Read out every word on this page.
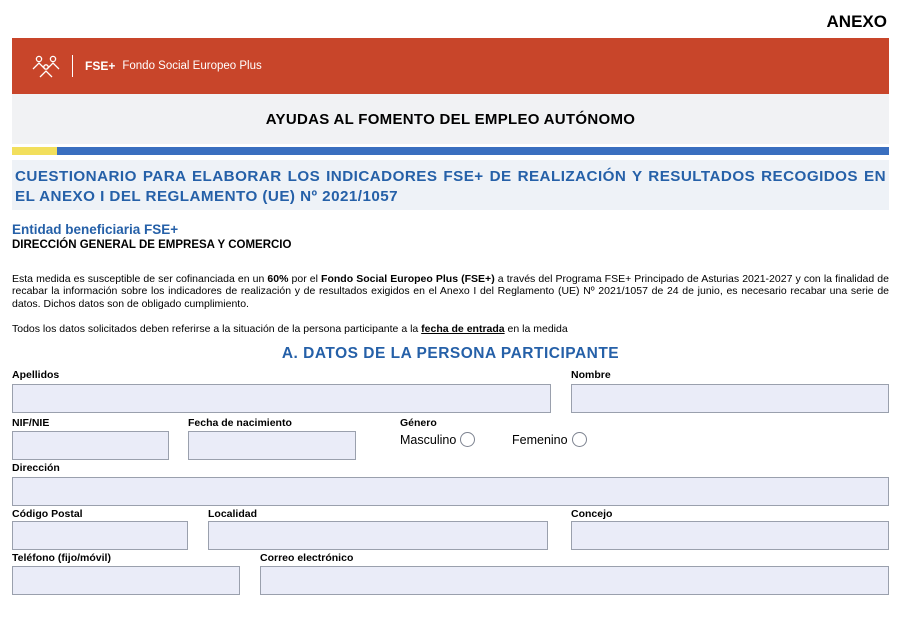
ANEXO
FSE+ Fondo Social Europeo Plus
AYUDAS AL FOMENTO DEL EMPLEO AUTÓNOMO
CUESTIONARIO PARA ELABORAR LOS INDICADORES FSE+ DE REALIZACIÓN Y RESULTADOS RECOGIDOS EN EL ANEXO I DEL REGLAMENTO (UE) Nº 2021/1057
Entidad beneficiaria FSE+
DIRECCIÓN GENERAL DE EMPRESA Y COMERCIO
Esta medida es susceptible de ser cofinanciada en un 60% por el Fondo Social Europeo Plus (FSE+) a través del Programa FSE+ Principado de Asturias 2021-2027 y con la finalidad de recabar la información sobre los indicadores de realización y de resultados exigidos en el Anexo I del Reglamento (UE) Nº 2021/1057 de 24 de junio, es necesario recabar una serie de datos. Dichos datos son de obligado cumplimiento.
Todos los datos solicitados deben referirse a la situación de la persona participante a la fecha de entrada en la medida
A. DATOS DE LA PERSONA PARTICIPANTE
Apellidos	Nombre
NIF/NIE	Fecha de nacimiento	Género
Masculino	Femenino
Dirección
Código Postal	Localidad	Concejo
Teléfono (fijo/móvil)	Correo electrónico
